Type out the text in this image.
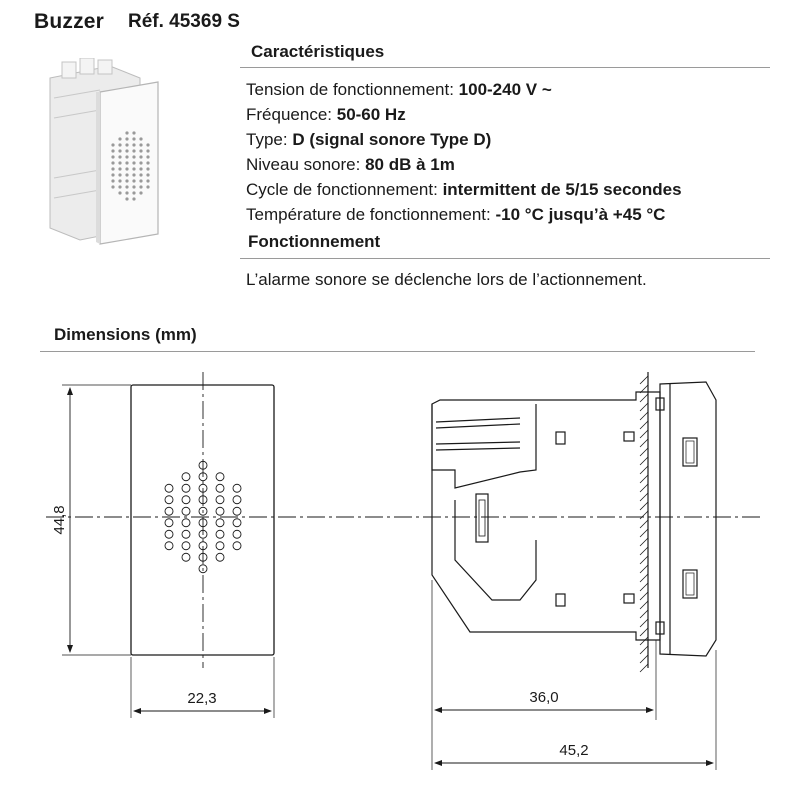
Buzzer Réf. 45369 S
Caractéristiques
Tension de fonctionnement: 100-240 V ~
Fréquence: 50-60 Hz
Type: D (signal sonore Type D)
Niveau sonore: 80 dB à 1m
Cycle de fonctionnement: intermittent de 5/15 secondes
Température de fonctionnement: -10 °C jusqu’à +45 °C
Fonctionnement
L’alarme sonore se déclenche lors de l’actionnement.
Dimensions (mm)
44,8
22,3	36,0
45,2
